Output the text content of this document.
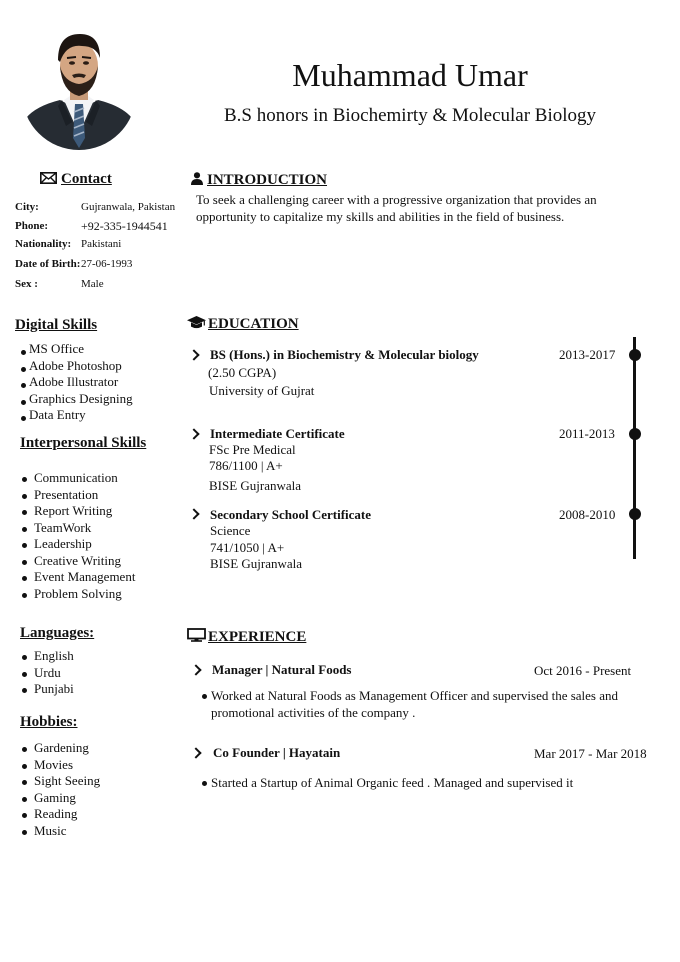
Muhammad Umar
B.S honors in Biochemirty & Molecular Biology
Contact
City:	Gujranwala, Pakistan
Phone:	+92-335-1944541
Nationality: Pakistani
Date of Birth: 27-06-1993
Sex :	Male
Digital Skills
MS Office
Adobe Photoshop
Adobe Illustrator
Graphics Designing
Data Entry
Interpersonal Skills
Communication
Presentation
Report Writing
TeamWork
Leadership
Creative Writing
Event Management
Problem Solving
Languages:
English
Urdu
Punjabi
Hobbies:
Gardening
Movies
Sight Seeing
Gaming
Reading
Music
INTRODUCTION
To seek a challenging career with a progressive organization that provides an opportunity to capitalize my skills and abilities in the field of business.
EDUCATION
BS (Hons.) in Biochemistry & Molecular biology	2013-2017
(2.50 CGPA)
University of Gujrat
Intermediate Certificate	2011-2013
FSc Pre Medical
786/1100 | A+
BISE Gujranwala
Secondary School Certificate	2008-2010
Science
741/1050 | A+
BISE Gujranwala
EXPERIENCE
Manager | Natural Foods	Oct 2016 - Present
Worked at Natural Foods as Management Officer and supervised the sales and promotional activities of the company .
Co Founder | Hayatain	Mar 2017 - Mar 2018
Started a Startup of Animal Organic feed . Managed and supervised it
